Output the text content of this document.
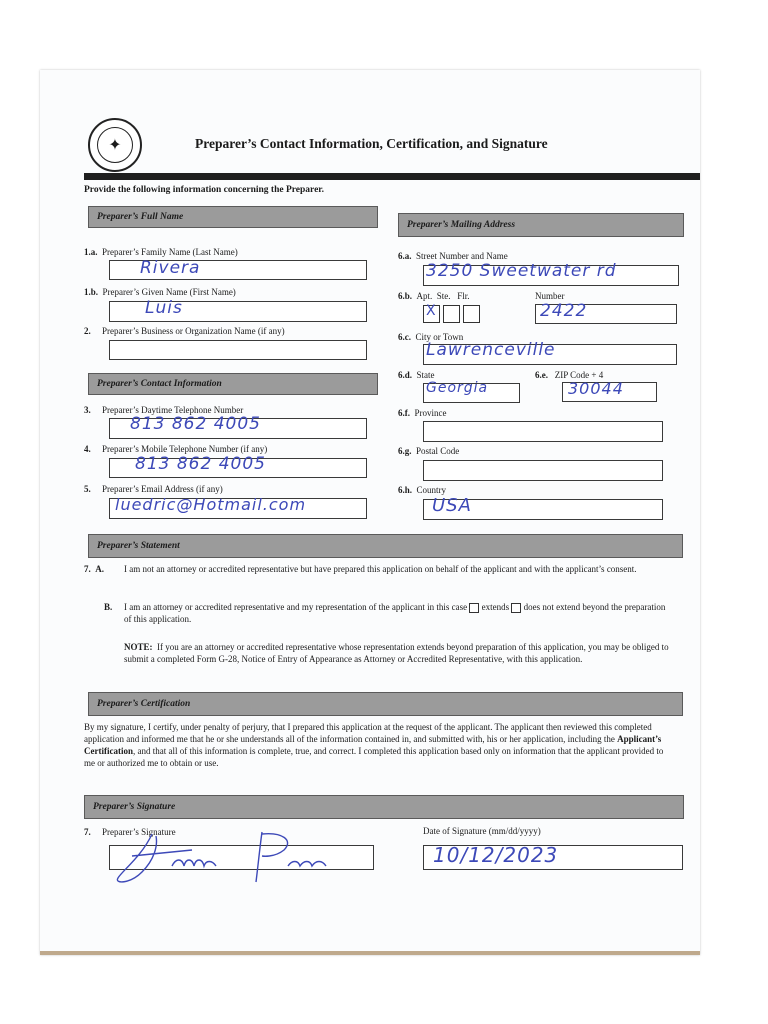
✦	Preparer’s Contact Information, Certification, and Signature
Provide the following information concerning the Preparer.
Preparer’s Full Name
1.a. Preparer’s Family Name (Last Name)
Rivera
1.b. Preparer’s Given Name (First Name)
Luis
2. Preparer’s Business or Organization Name (if any)
Preparer’s Contact Information
3. Preparer’s Daytime Telephone Number
813 862 4005
4. Preparer’s Mobile Telephone Number (if any)
813 862 4005
5. Preparer’s Email Address (if any)
luedric@Hotmail.com
Preparer’s Mailing Address
6.a. Street Number and Name
3250 Sweetwater rd
6.b. Apt. Ste. Flr.	Number
X	2422
6.c. City or Town
Lawrenceville
6.d. State
Georgia
6.e. ZIP Code + 4
30044
6.f. Province
6.g. Postal Code
6.h. Country
USA
Preparer’s Statement
7. A. I am not an attorney or accredited representative but have prepared this application on behalf of the applicant and with the applicant’s consent.
B. I am an attorney or accredited representative and my representation of the applicant in this case extends does not extend beyond the preparation of this application.
NOTE: If you are an attorney or accredited representative whose representation extends beyond preparation of this application, you may be obliged to submit a completed Form G-28, Notice of Entry of Appearance as Attorney or Accredited Representative, with this application.
Preparer’s Certification
By my signature, I certify, under penalty of perjury, that I prepared this application at the request of the applicant. The applicant then reviewed this completed application and informed me that he or she understands all of the information contained in, and submitted with, his or her application, including the Applicant’s Certification, and that all of this information is complete, true, and correct. I completed this application based only on information that the applicant provided to me or authorized me to obtain or use.
Preparer’s Signature
7. Preparer’s Signature	Date of Signature (mm/dd/yyyy)
10/12/2023
